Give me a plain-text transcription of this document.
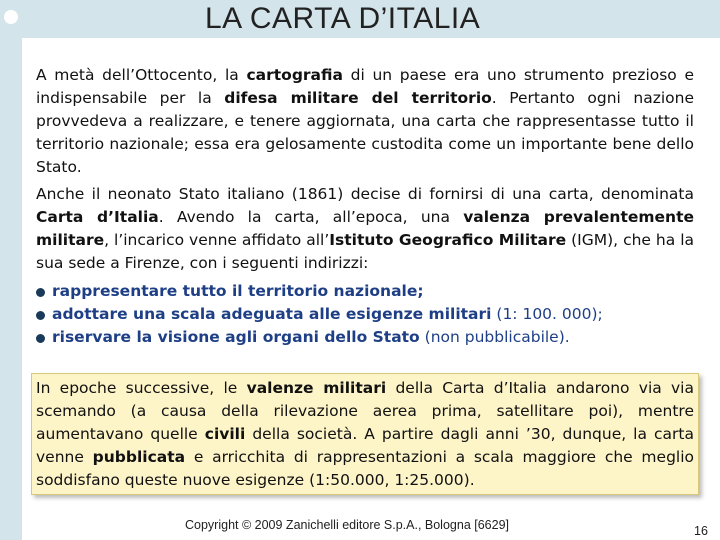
LA CARTA D’ITALIA

A metà dell’Ottocento, la cartografia di un paese era uno strumento prezioso e indispensabile per la difesa militare del territorio. Pertanto ogni nazione provvedeva a realizzare, e tenere aggiornata, una carta che rappresentasse tutto il territorio nazionale; essa era gelosamente custodita come un importante bene dello Stato.

Anche il neonato Stato italiano (1861) decise di fornirsi di una carta, denominata Carta d’Italia. Avendo la carta, all’epoca, una valenza prevalentemente militare, l’incarico venne affidato all’Istituto Geografico Militare (IGM), che ha la sua sede a Firenze, con i seguenti indirizzi:

rappresentare tutto il territorio nazionale;
adottare una scala adeguata alle esigenze militari (1: 100. 000);
riservare la visione agli organi dello Stato (non pubblicabile).

In epoche successive, le valenze militari della Carta d’Italia andarono via via scemando (a causa della rilevazione aerea prima, satellitare poi), mentre aumentavano quelle civili della società. A partire dagli anni ’30, dunque, la carta venne pubblicata e arricchita di rappresentazioni a scala maggiore che meglio soddisfano queste nuove esigenze (1:50.000, 1:25.000).

Copyright © 2009 Zanichelli editore S.p.A., Bologna [6629]	16
